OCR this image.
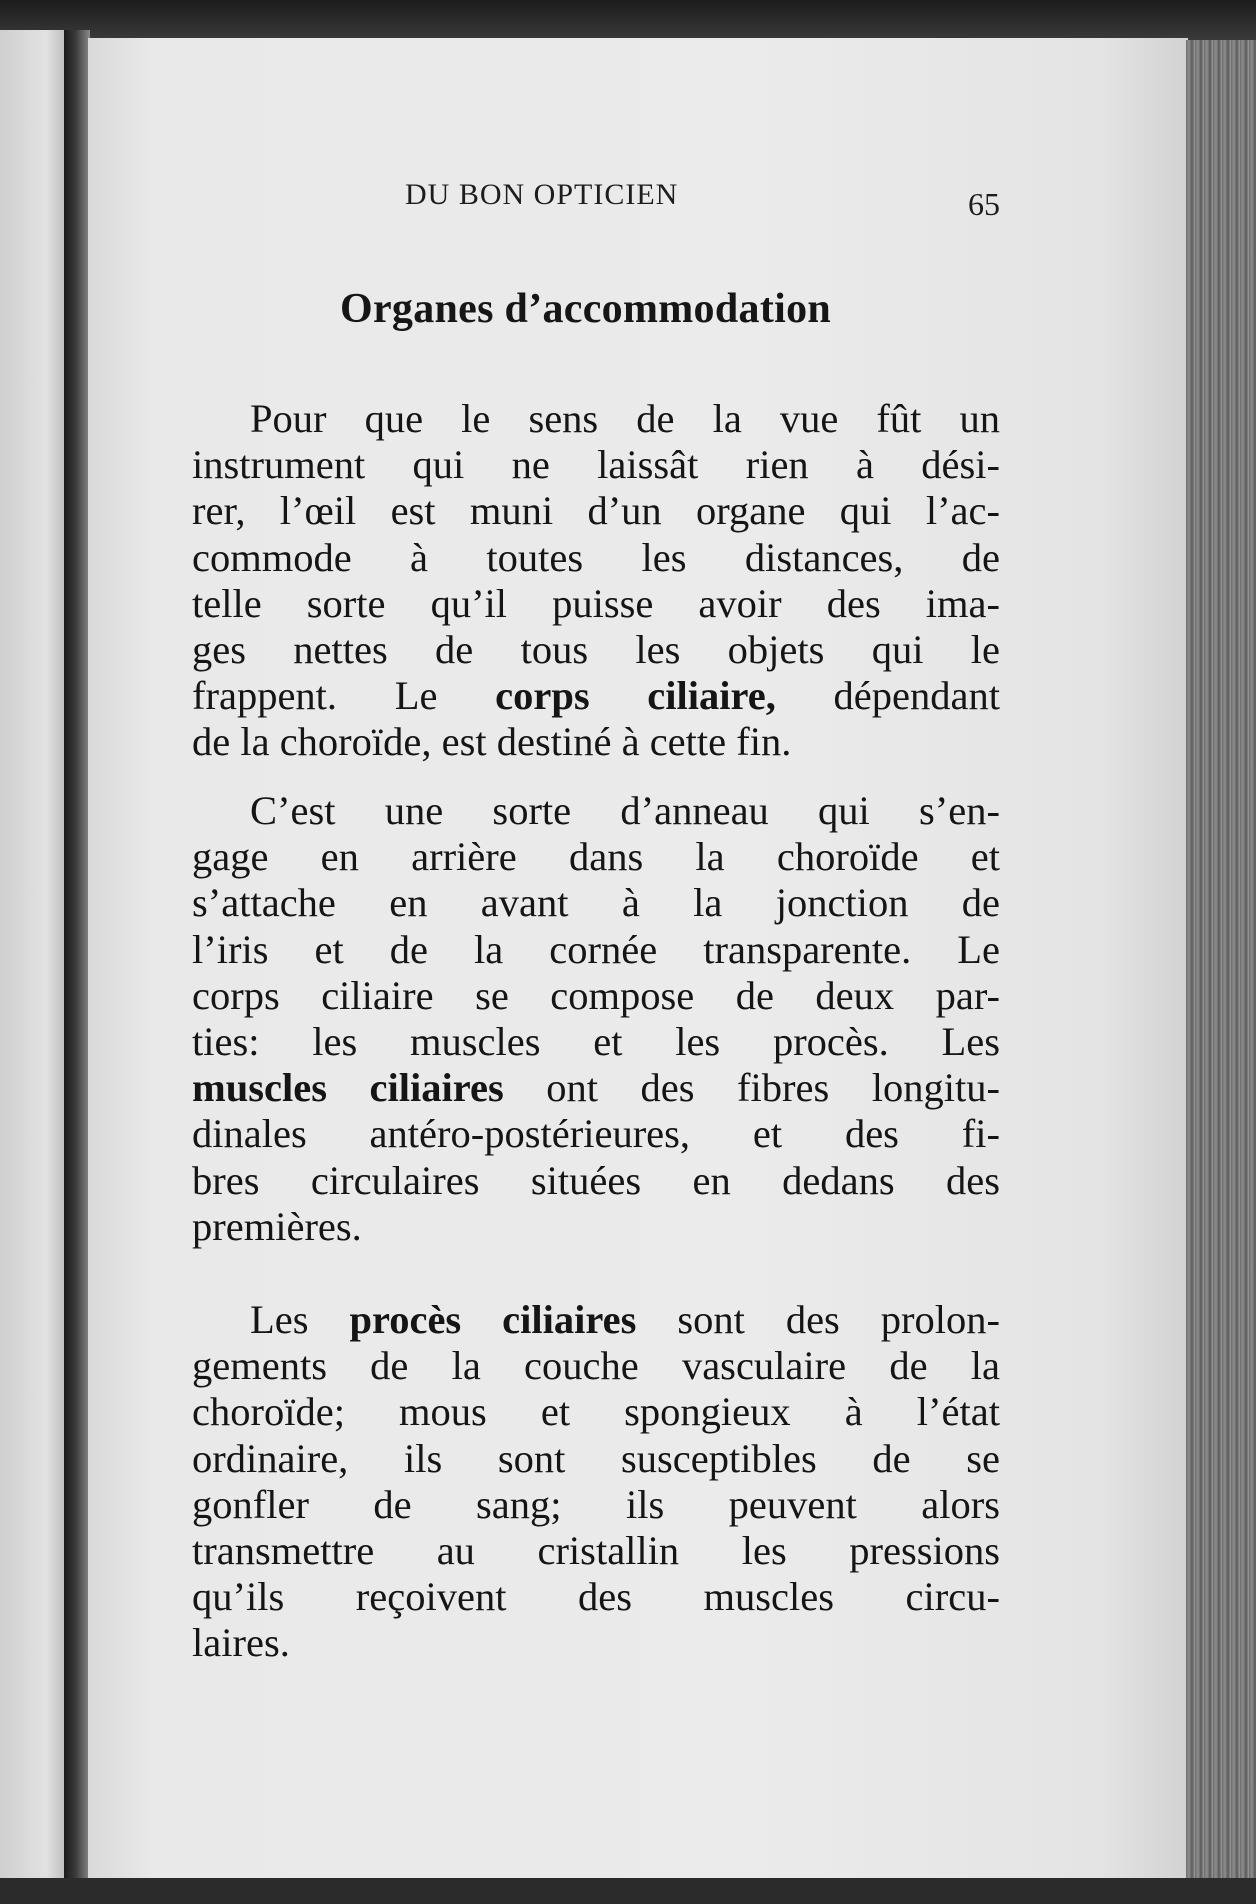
DU BON OPTICIEN	65
Organes d’accommodation
Pour que le sens de la vue fût un
instrument qui ne laissât rien à dési-
rer, l’œil est muni d’un organe qui l’ac-
commode à toutes les distances, de
telle sorte qu’il puisse avoir des ima-
ges nettes de tous les objets qui le
frappent. Le corps ciliaire, dépendant
de la choroïde, est destiné à cette fin.
C’est une sorte d’anneau qui s’en-
gage en arrière dans la choroïde et
s’attache en avant à la jonction de
l’iris et de la cornée transparente. Le
corps ciliaire se compose de deux par-
ties: les muscles et les procès. Les
muscles ciliaires ont des fibres longitu-
dinales antéro-postérieures, et des fi-
bres circulaires situées en dedans des
premières.
Les procès ciliaires sont des prolon-
gements de la couche vasculaire de la
choroïde; mous et spongieux à l’état
ordinaire, ils sont susceptibles de se
gonfler de sang; ils peuvent alors
transmettre au cristallin les pressions
qu’ils reçoivent des muscles circu-
laires.
